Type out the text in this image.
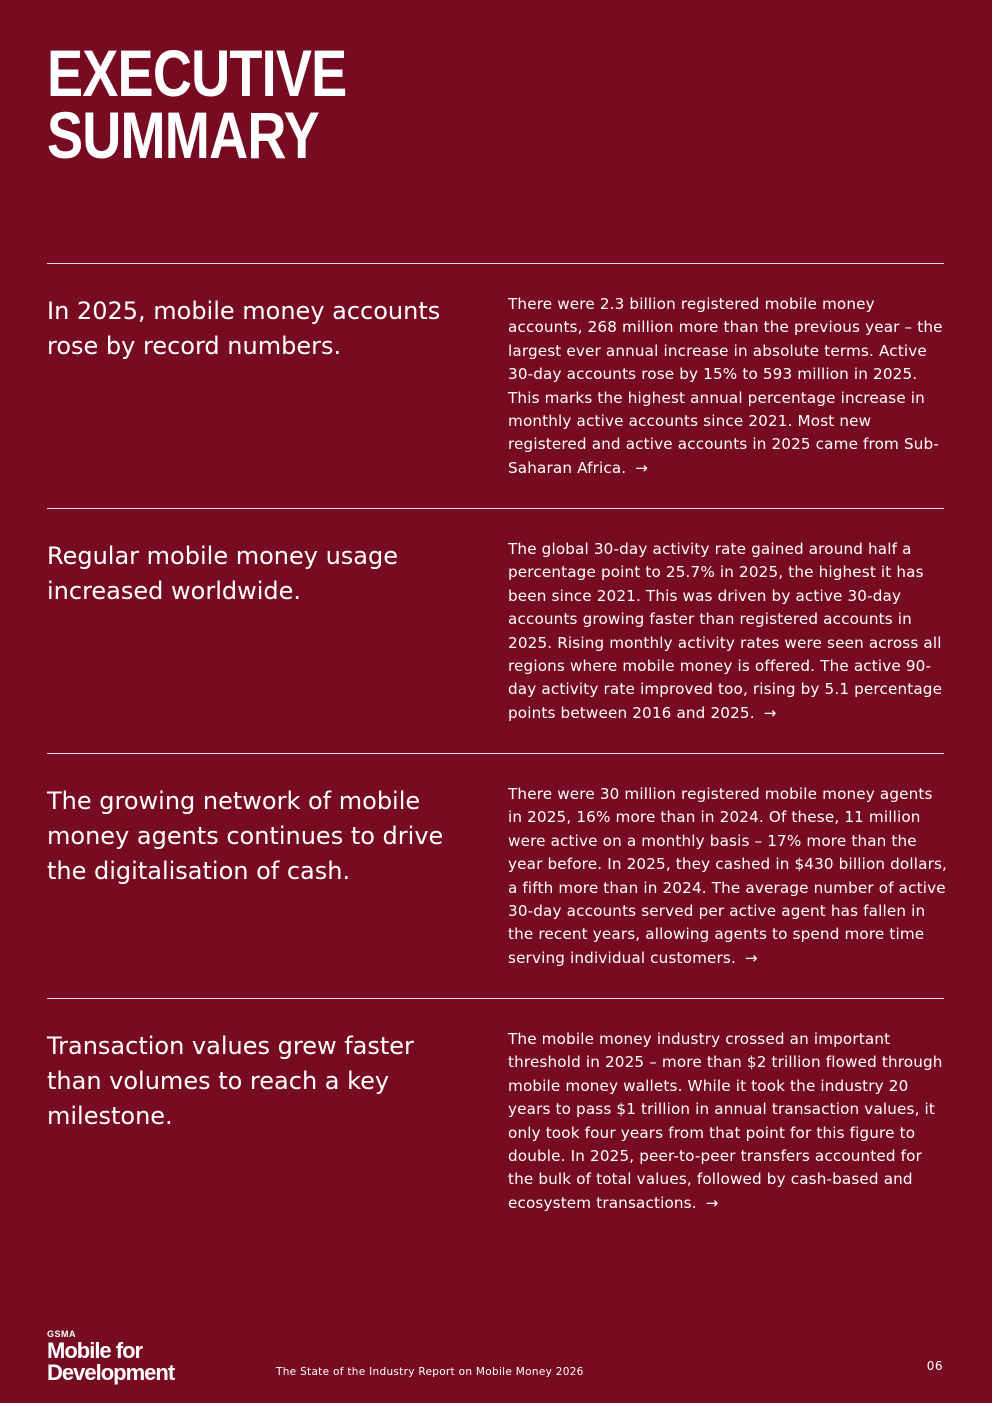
EXECUTIVE
SUMMARY
In 2025, mobile money accounts rose by record numbers.

There were 2.3 billion registered mobile money accounts, 268 million more than the previous year – the largest ever annual increase in absolute terms. Active 30-day accounts rose by 15% to 593 million in 2025. This marks the highest annual percentage increase in monthly active accounts since 2021. Most new registered and active accounts in 2025 came from Sub-Saharan Africa. →

Regular mobile money usage increased worldwide.

The global 30-day activity rate gained around half a percentage point to 25.7% in 2025, the highest it has been since 2021. This was driven by active 30-day accounts growing faster than registered accounts in 2025. Rising monthly activity rates were seen across all regions where mobile money is offered. The active 90-day activity rate improved too, rising by 5.1 percentage points between 2016 and 2025. →

The growing network of mobile money agents continues to drive the digitalisation of cash.

There were 30 million registered mobile money agents in 2025, 16% more than in 2024. Of these, 11 million were active on a monthly basis – 17% more than the year before. In 2025, they cashed in $430 billion dollars, a fifth more than in 2024. The average number of active 30-day accounts served per active agent has fallen in the recent years, allowing agents to spend more time serving individual customers. →

Transaction values grew faster than volumes to reach a key milestone.

The mobile money industry crossed an important threshold in 2025 – more than $2 trillion flowed through mobile money wallets. While it took the industry 20 years to pass $1 trillion in annual transaction values, it only took four years from that point for this figure to double. In 2025, peer-to-peer transfers accounted for the bulk of total values, followed by cash-based and ecosystem transactions. →

GSMA
Mobile for
Development	The State of the Industry Report on Mobile Money 2026	06
